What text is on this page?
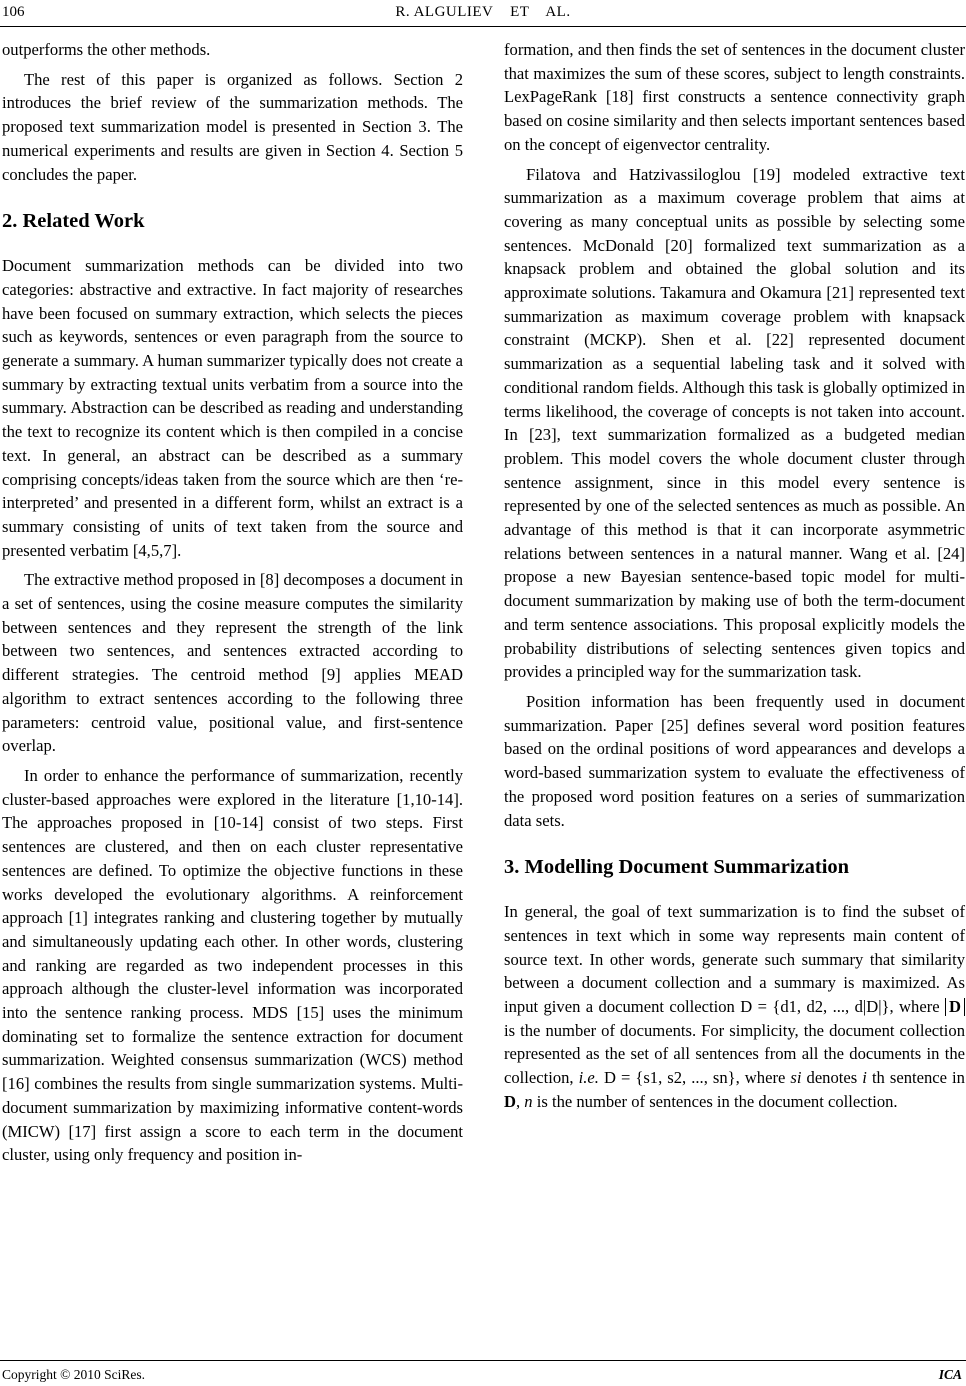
106	R. ALGULIEV    ET    AL.

outperforms the other methods.

The rest of this paper is organized as follows. Section 2 introduces the brief review of the summarization methods. The proposed text summarization model is presented in Section 3. The numerical experiments and results are given in Section 4. Section 5 concludes the paper.

2. Related Work

Document summarization methods can be divided into two categories: abstractive and extractive. In fact majority of researches have been focused on summary extraction, which selects the pieces such as keywords, sentences or even paragraph from the source to generate a summary. A human summarizer typically does not create a summary by extracting textual units verbatim from a source into the summary. Abstraction can be described as reading and understanding the text to recognize its content which is then compiled in a concise text. In general, an abstract can be described as a summary comprising concepts/ideas taken from the source which are then ‘re-interpreted’ and presented in a different form, whilst an extract is a summary consisting of units of text taken from the source and presented verbatim [4,5,7].

The extractive method proposed in [8] decomposes a document in a set of sentences, using the cosine measure computes the similarity between sentences and they represent the strength of the link between two sentences, and sentences extracted according to different strategies. The centroid method [9] applies MEAD algorithm to extract sentences according to the following three parameters: centroid value, positional value, and first-sentence overlap.

In order to enhance the performance of summarization, recently cluster-based approaches were explored in the literature [1,10-14]. The approaches proposed in [10-14] consist of two steps. First sentences are clustered, and then on each cluster representative sentences are defined. To optimize the objective functions in these works developed the evolutionary algorithms. A reinforcement approach [1] integrates ranking and clustering together by mutually and simultaneously updating each other. In other words, clustering and ranking are regarded as two independent processes in this approach although the cluster-level information was incorporated into the sentence ranking process. MDS [15] uses the minimum dominating set to formalize the sentence extraction for document summarization. Weighted consensus summarization (WCS) method [16] combines the results from single summarization systems. Multi-document summarization by maximizing informative content-words (MICW) [17] first assign a score to each term in the document cluster, using only frequency and position in-

formation, and then finds the set of sentences in the document cluster that maximizes the sum of these scores, subject to length constraints. LexPageRank [18] first constructs a sentence connectivity graph based on cosine similarity and then selects important sentences based on the concept of eigenvector centrality.

Filatova and Hatzivassiloglou [19] modeled extractive text summarization as a maximum coverage problem that aims at covering as many conceptual units as possible by selecting some sentences. McDonald [20] formalized text summarization as a knapsack problem and obtained the global solution and its approximate solutions. Takamura and Okamura [21] represented text summarization as maximum coverage problem with knapsack constraint (MCKP). Shen et al. [22] represented document summarization as a sequential labeling task and it solved with conditional random fields. Although this task is globally optimized in terms likelihood, the coverage of concepts is not taken into account. In [23], text summarization formalized as a budgeted median problem. This model covers the whole document cluster through sentence assignment, since in this model every sentence is represented by one of the selected sentences as much as possible. An advantage of this method is that it can incorporate asymmetric relations between sentences in a natural manner. Wang et al. [24] propose a new Bayesian sentence-based topic model for multi-document summarization by making use of both the term-document and term sentence associations. This proposal explicitly models the probability distributions of selecting sentences given topics and provides a principled way for the summarization task.

Position information has been frequently used in document summarization. Paper [25] defines several word position features based on the ordinal positions of word appearances and develops a word-based summarization system to evaluate the effectiveness of the proposed word position features on a series of summarization data sets.

3. Modelling Document Summarization

In general, the goal of text summarization is to find the subset of sentences in text which in some way represents main content of source text. In other words, generate such summary that similarity between a document collection and a summary is maximized. As input given a document collection D = {d1, d2, ..., d|D|}, where D is the number of documents. For simplicity, the document collection represented as the set of all sentences from all the documents in the collection, i.e. D = {s1, s2, ..., sn}, where si denotes i th sentence in D, n is the number of sentences in the document collection.

Copyright © 2010 SciRes.	ICA
